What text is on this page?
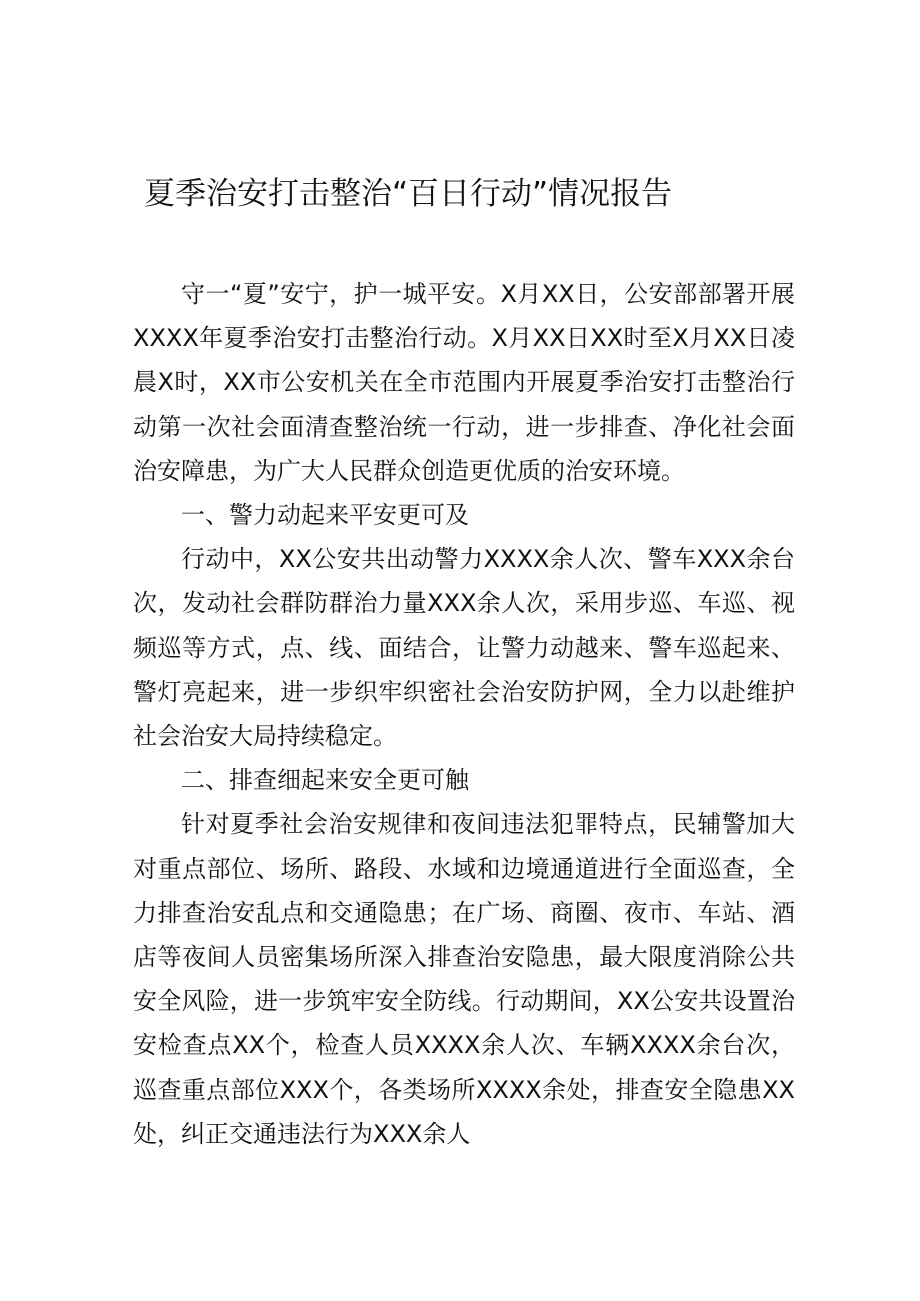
夏季治安打击整治“百日行动”情况报告

守一“夏”安宁，护一城平安。X月XX日，公安部部署开展XXXX年夏季治安打击整治行动。X月XX日XX时至X月XX日凌晨X时，XX市公安机关在全市范围内开展夏季治安打击整治行动第一次社会面清查整治统一行动，进一步排查、净化社会面治安障患，为广大人民群众创造更优质的治安环境。

一、警力动起来平安更可及

行动中，XX公安共出动警力XXXX余人次、警车XXX余台次，发动社会群防群治力量XXX余人次，采用步巡、车巡、视频巡等方式，点、线、面结合，让警力动越来、警车巡起来、警灯亮起来，进一步织牢织密社会治安防护网，全力以赴维护社会治安大局持续稳定。

二、排查细起来安全更可触

针对夏季社会治安规律和夜间违法犯罪特点，民辅警加大对重点部位、场所、路段、水域和边境通道进行全面巡查，全力排查治安乱点和交通隐患；在广场、商圈、夜市、车站、酒店等夜间人员密集场所深入排查治安隐患，最大限度消除公共安全风险，进一步筑牢安全防线。行动期间，XX公安共设置治安检查点XX个，检查人员XXXX余人次、车辆XXXX余台次，巡查重点部位XXX个，各类场所XXXX余处，排查安全隐患XX处，纠正交通违法行为XXX余人
